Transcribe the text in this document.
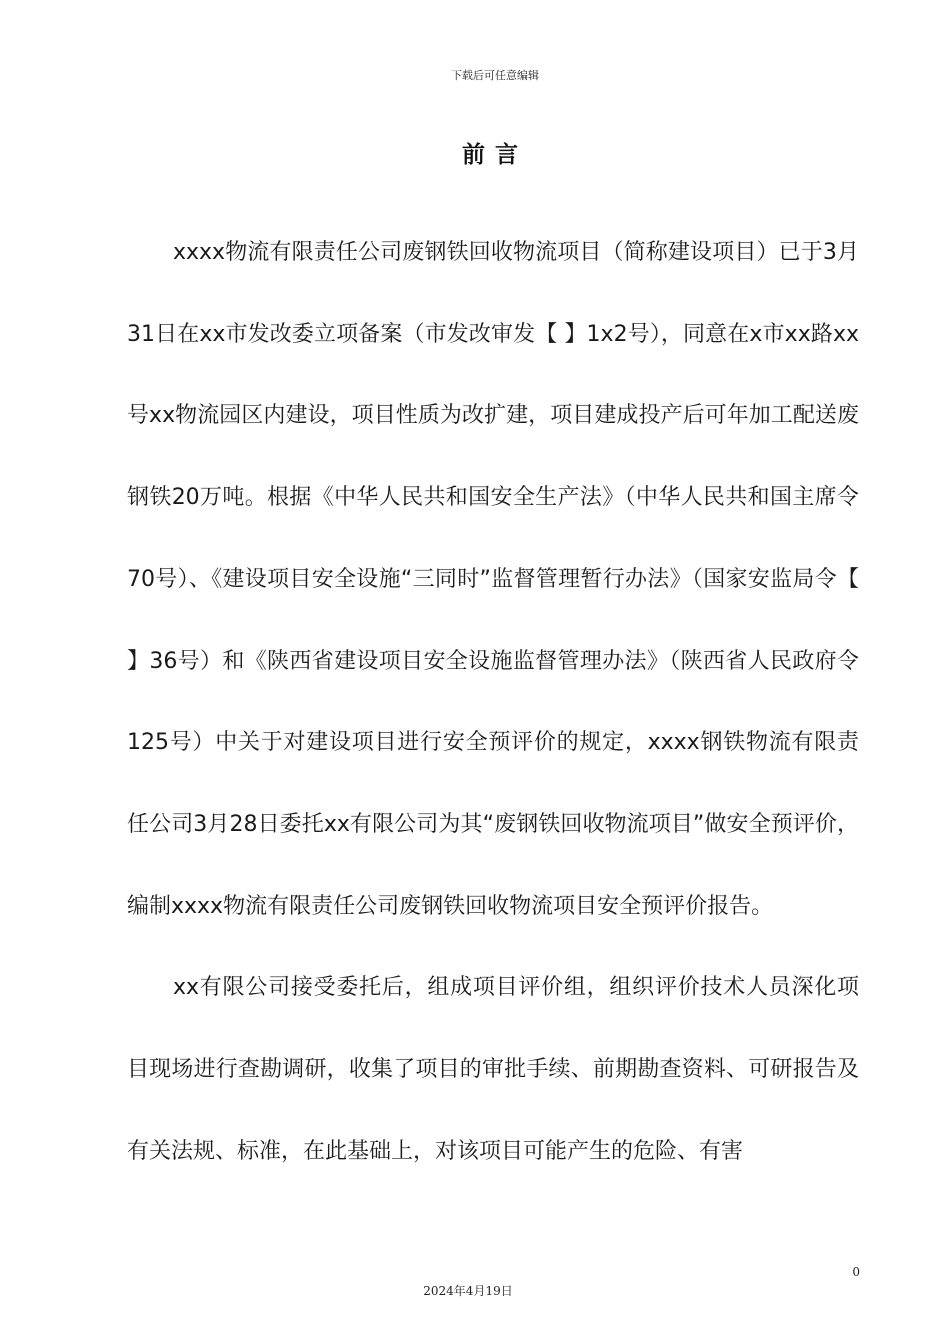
下载后可任意编辑
前言

xxxx物流有限责任公司废钢铁回收物流项目（简称建设项目）已于3月31日在xx市发改委立项备案（市发改审发【 】1x2号），同意在x市xx路xx号xx物流园区内建设，项目性质为改扩建，项目建成投产后可年加工配送废钢铁20万吨。根据《中华人民共和国安全生产法》（中华人民共和国主席令70号）、《建设项目安全设施“三同时”监督管理暂行办法》（国家安监局令【 】36号）和《陕西省建设项目安全设施监督管理办法》（陕西省人民政府令125号）中关于对建设项目进行安全预评价的规定，xxxx钢铁物流有限责任公司3月28日委托xx有限公司为其“废钢铁回收物流项目”做安全预评价，编制xxxx物流有限责任公司废钢铁回收物流项目安全预评价报告。

xx有限公司接受委托后，组成项目评价组，组织评价技术人员深化项目现场进行查勘调研，收集了项目的审批手续、前期勘查资料、可研报告及有关法规、标准，在此基础上，对该项目可能产生的危险、有害

0
2024年4月19日
